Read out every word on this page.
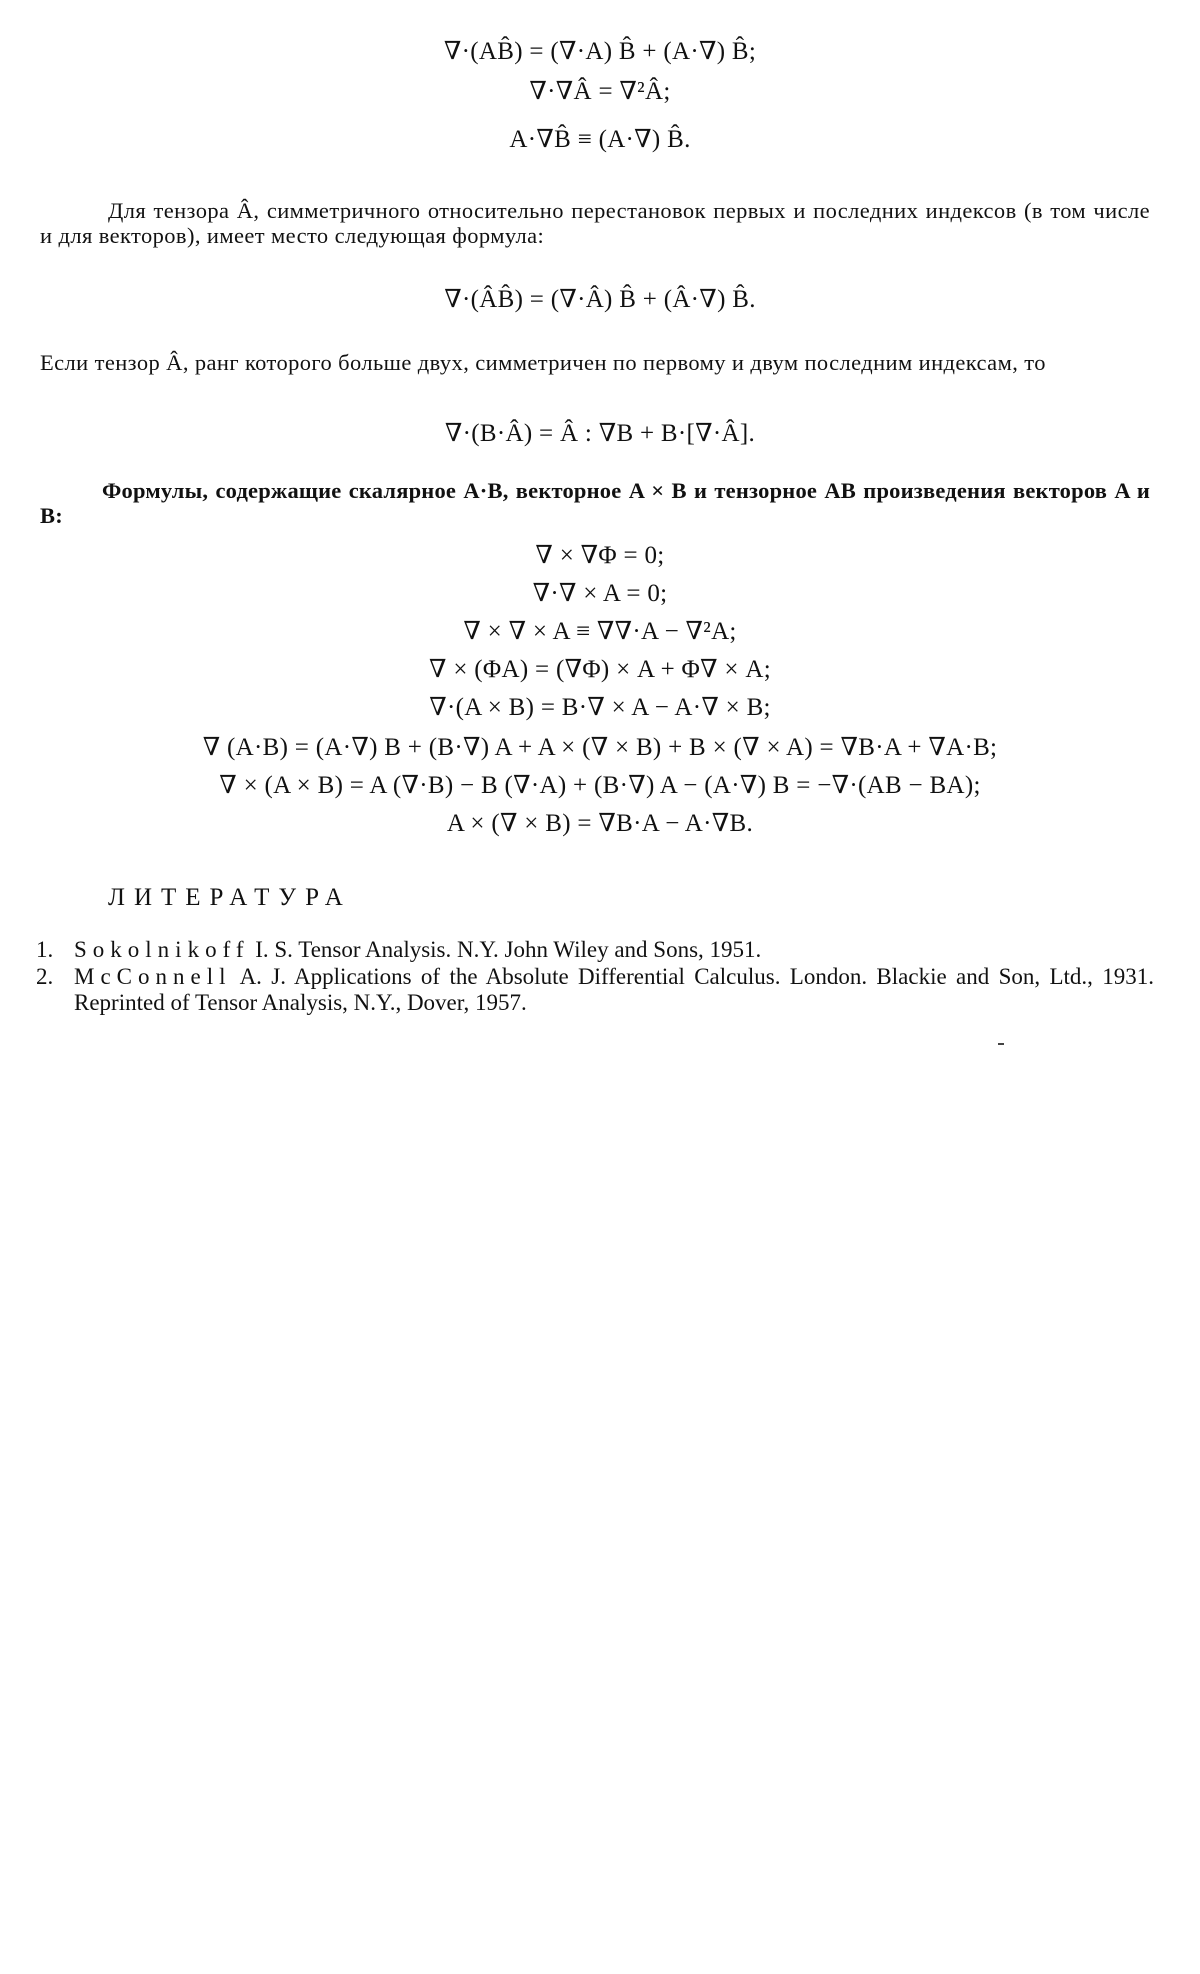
∇·(AB̂) = (∇·A) B̂ + (A·∇) B̂;
∇·∇Â = ∇²Â;
A·∇B̂ ≡ (A·∇) B̂.
Для тензора Â, симметричного относительно перестановок первых и последних индексов (в том числе и для векторов), имеет место следующая формула:
∇·(ÂB̂) = (∇·Â) B̂ + (Â·∇) B̂.
Если тензор Â, ранг которого больше двух, симметричен по первому и двум последним индексам, то
∇·(B·Â) = Â : ∇B + B·[∇·Â].
Формулы, содержащие скалярное A·B, векторное A × B и тензорное AB произведения векторов A и B:
∇ × ∇Φ = 0;
∇·∇ × A = 0;
∇ × ∇ × A ≡ ∇∇·A − ∇²A;
∇ × (ΦA) = (∇Φ) × A + Φ∇ × A;
∇·(A × B) = B·∇ × A − A·∇ × B;
∇ (A·B) = (A·∇) B + (B·∇) A + A × (∇ × B) + B × (∇ × A) = ∇B·A + ∇A·B;
∇ × (A × B) = A (∇·B) − B (∇·A) + (B·∇) A − (A·∇) B = −∇·(AB − BA);
A × (∇ × B) = ∇B·A − A·∇B.
ЛИТЕРАТУРА
1. Sokolnikoff I. S. Tensor Analysis. N.Y. John Wiley and Sons, 1951.
2. McConnell A. J. Applications of the Absolute Differential Calculus. London. Blackie and Son, Ltd., 1931. Reprinted of Tensor Analysis, N.Y., Dover, 1957.
